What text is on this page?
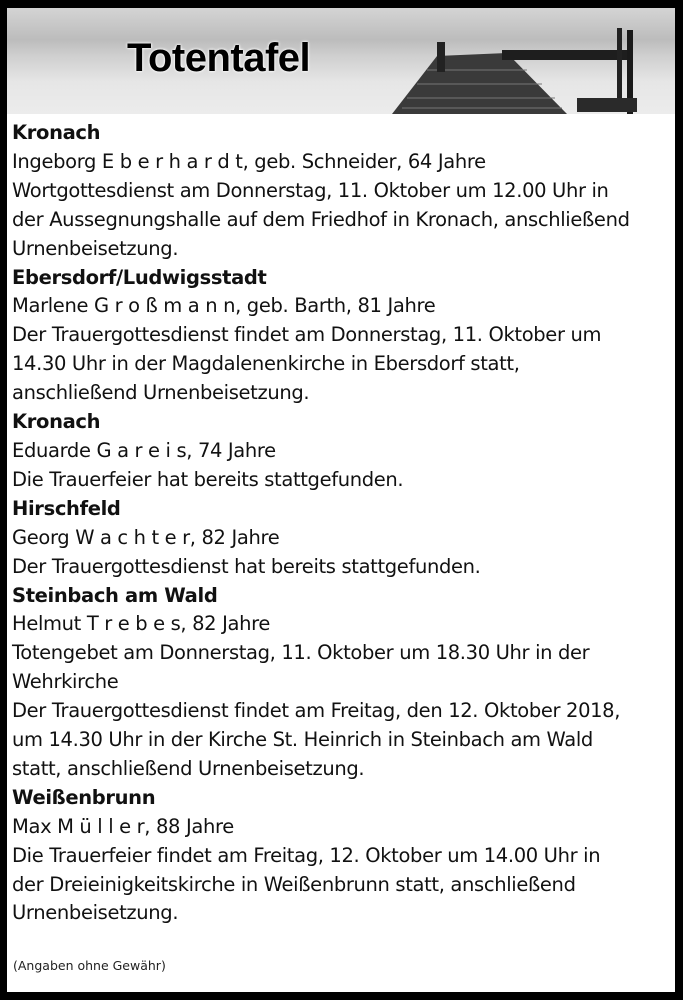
Totentafel
Kronach
Ingeborg E b e r h a r d t, geb. Schneider, 64 Jahre
Wortgottesdienst am Donnerstag, 11. Oktober um 12.00 Uhr in
der Aussegnungshalle auf dem Friedhof in Kronach, anschließend
Urnenbeisetzung.
Ebersdorf/Ludwigsstadt
Marlene G r o ß m a n n, geb. Barth, 81 Jahre
Der Trauergottesdienst findet am Donnerstag, 11. Oktober um
14.30 Uhr in der Magdalenenkirche in Ebersdorf statt,
anschließend Urnenbeisetzung.
Kronach
Eduarde G a r e i s, 74 Jahre
Die Trauerfeier hat bereits stattgefunden.
Hirschfeld
Georg W a c h t e r, 82 Jahre
Der Trauergottesdienst hat bereits stattgefunden.
Steinbach am Wald
Helmut T r e b e s, 82 Jahre
Totengebet am Donnerstag, 11. Oktober um 18.30 Uhr in der
Wehrkirche
Der Trauergottesdienst findet am Freitag, den 12. Oktober 2018,
um 14.30 Uhr in der Kirche St. Heinrich in Steinbach am Wald
statt, anschließend Urnenbeisetzung.
Weißenbrunn
Max M ü l l e r, 88 Jahre
Die Trauerfeier findet am Freitag, 12. Oktober um 14.00 Uhr in
der Dreieinigkeitskirche in Weißenbrunn statt, anschließend
Urnenbeisetzung.
(Angaben ohne Gewähr)
